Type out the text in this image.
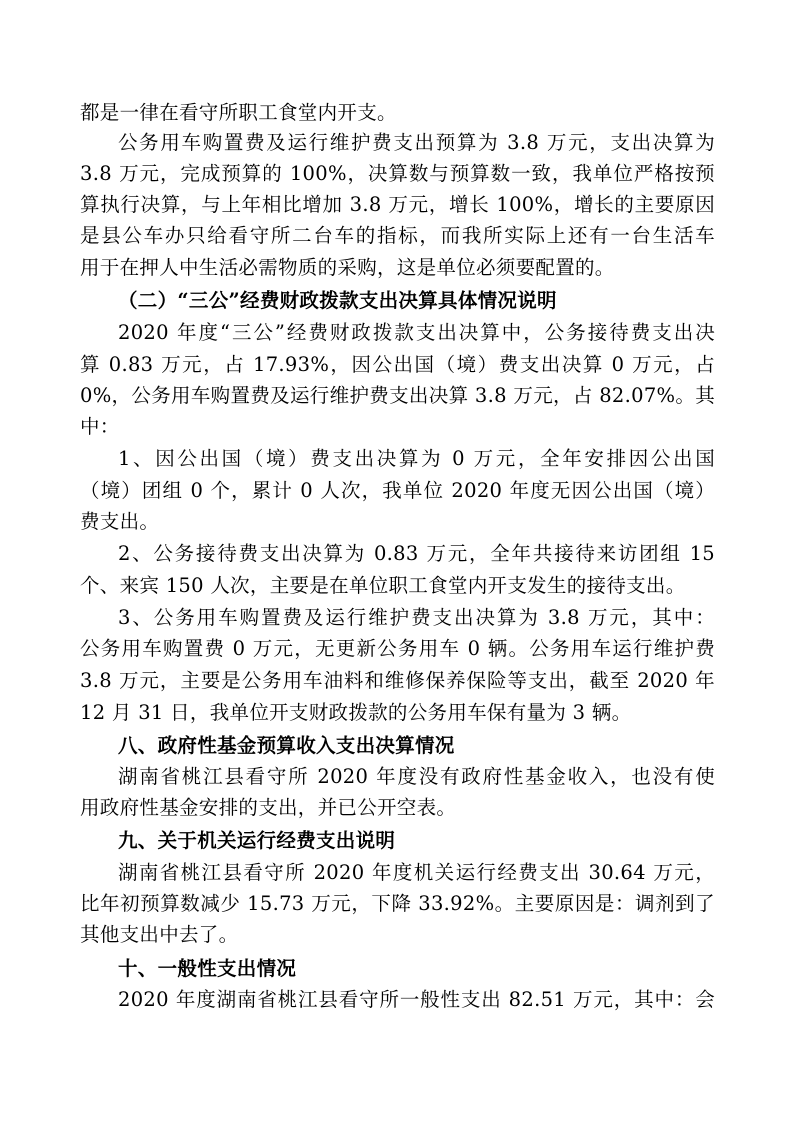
都是一律在看守所职工食堂内开支。
公务用车购置费及运行维护费支出预算为 3.8 万元，支出决算为
3.8 万元，完成预算的 100%，决算数与预算数一致，我单位严格按预
算执行决算，与上年相比增加 3.8 万元，增长 100%，增长的主要原因
是县公车办只给看守所二台车的指标，而我所实际上还有一台生活车
用于在押人中生活必需物质的采购，这是单位必须要配置的。
（二）“三公”经费财政拨款支出决算具体情况说明
2020 年度“三公”经费财政拨款支出决算中，公务接待费支出决
算 0.83 万元，占 17.93%，因公出国（境）费支出决算 0 万元，占
0%，公务用车购置费及运行维护费支出决算 3.8 万元，占 82.07%。其
中：
1、因公出国（境）费支出决算为 0 万元，全年安排因公出国
（境）团组 0 个，累计 0 人次，我单位 2020 年度无因公出国（境）
费支出。
2、公务接待费支出决算为 0.83 万元，全年共接待来访团组 15
个、来宾 150 人次，主要是在单位职工食堂内开支发生的接待支出。
3、公务用车购置费及运行维护费支出决算为 3.8 万元，其中：
公务用车购置费 0 万元，无更新公务用车 0 辆。公务用车运行维护费
3.8 万元，主要是公务用车油料和维修保养保险等支出，截至 2020 年
12 月 31 日，我单位开支财政拨款的公务用车保有量为 3 辆。
八、政府性基金预算收入支出决算情况
湖南省桃江县看守所 2020 年度没有政府性基金收入，也没有使
用政府性基金安排的支出，并已公开空表。
九、关于机关运行经费支出说明
湖南省桃江县看守所 2020 年度机关运行经费支出 30.64 万元，
比年初预算数减少 15.73 万元，下降 33.92%。主要原因是：调剂到了
其他支出中去了。
十、一般性支出情况
2020 年度湖南省桃江县看守所一般性支出 82.51 万元，其中：会
